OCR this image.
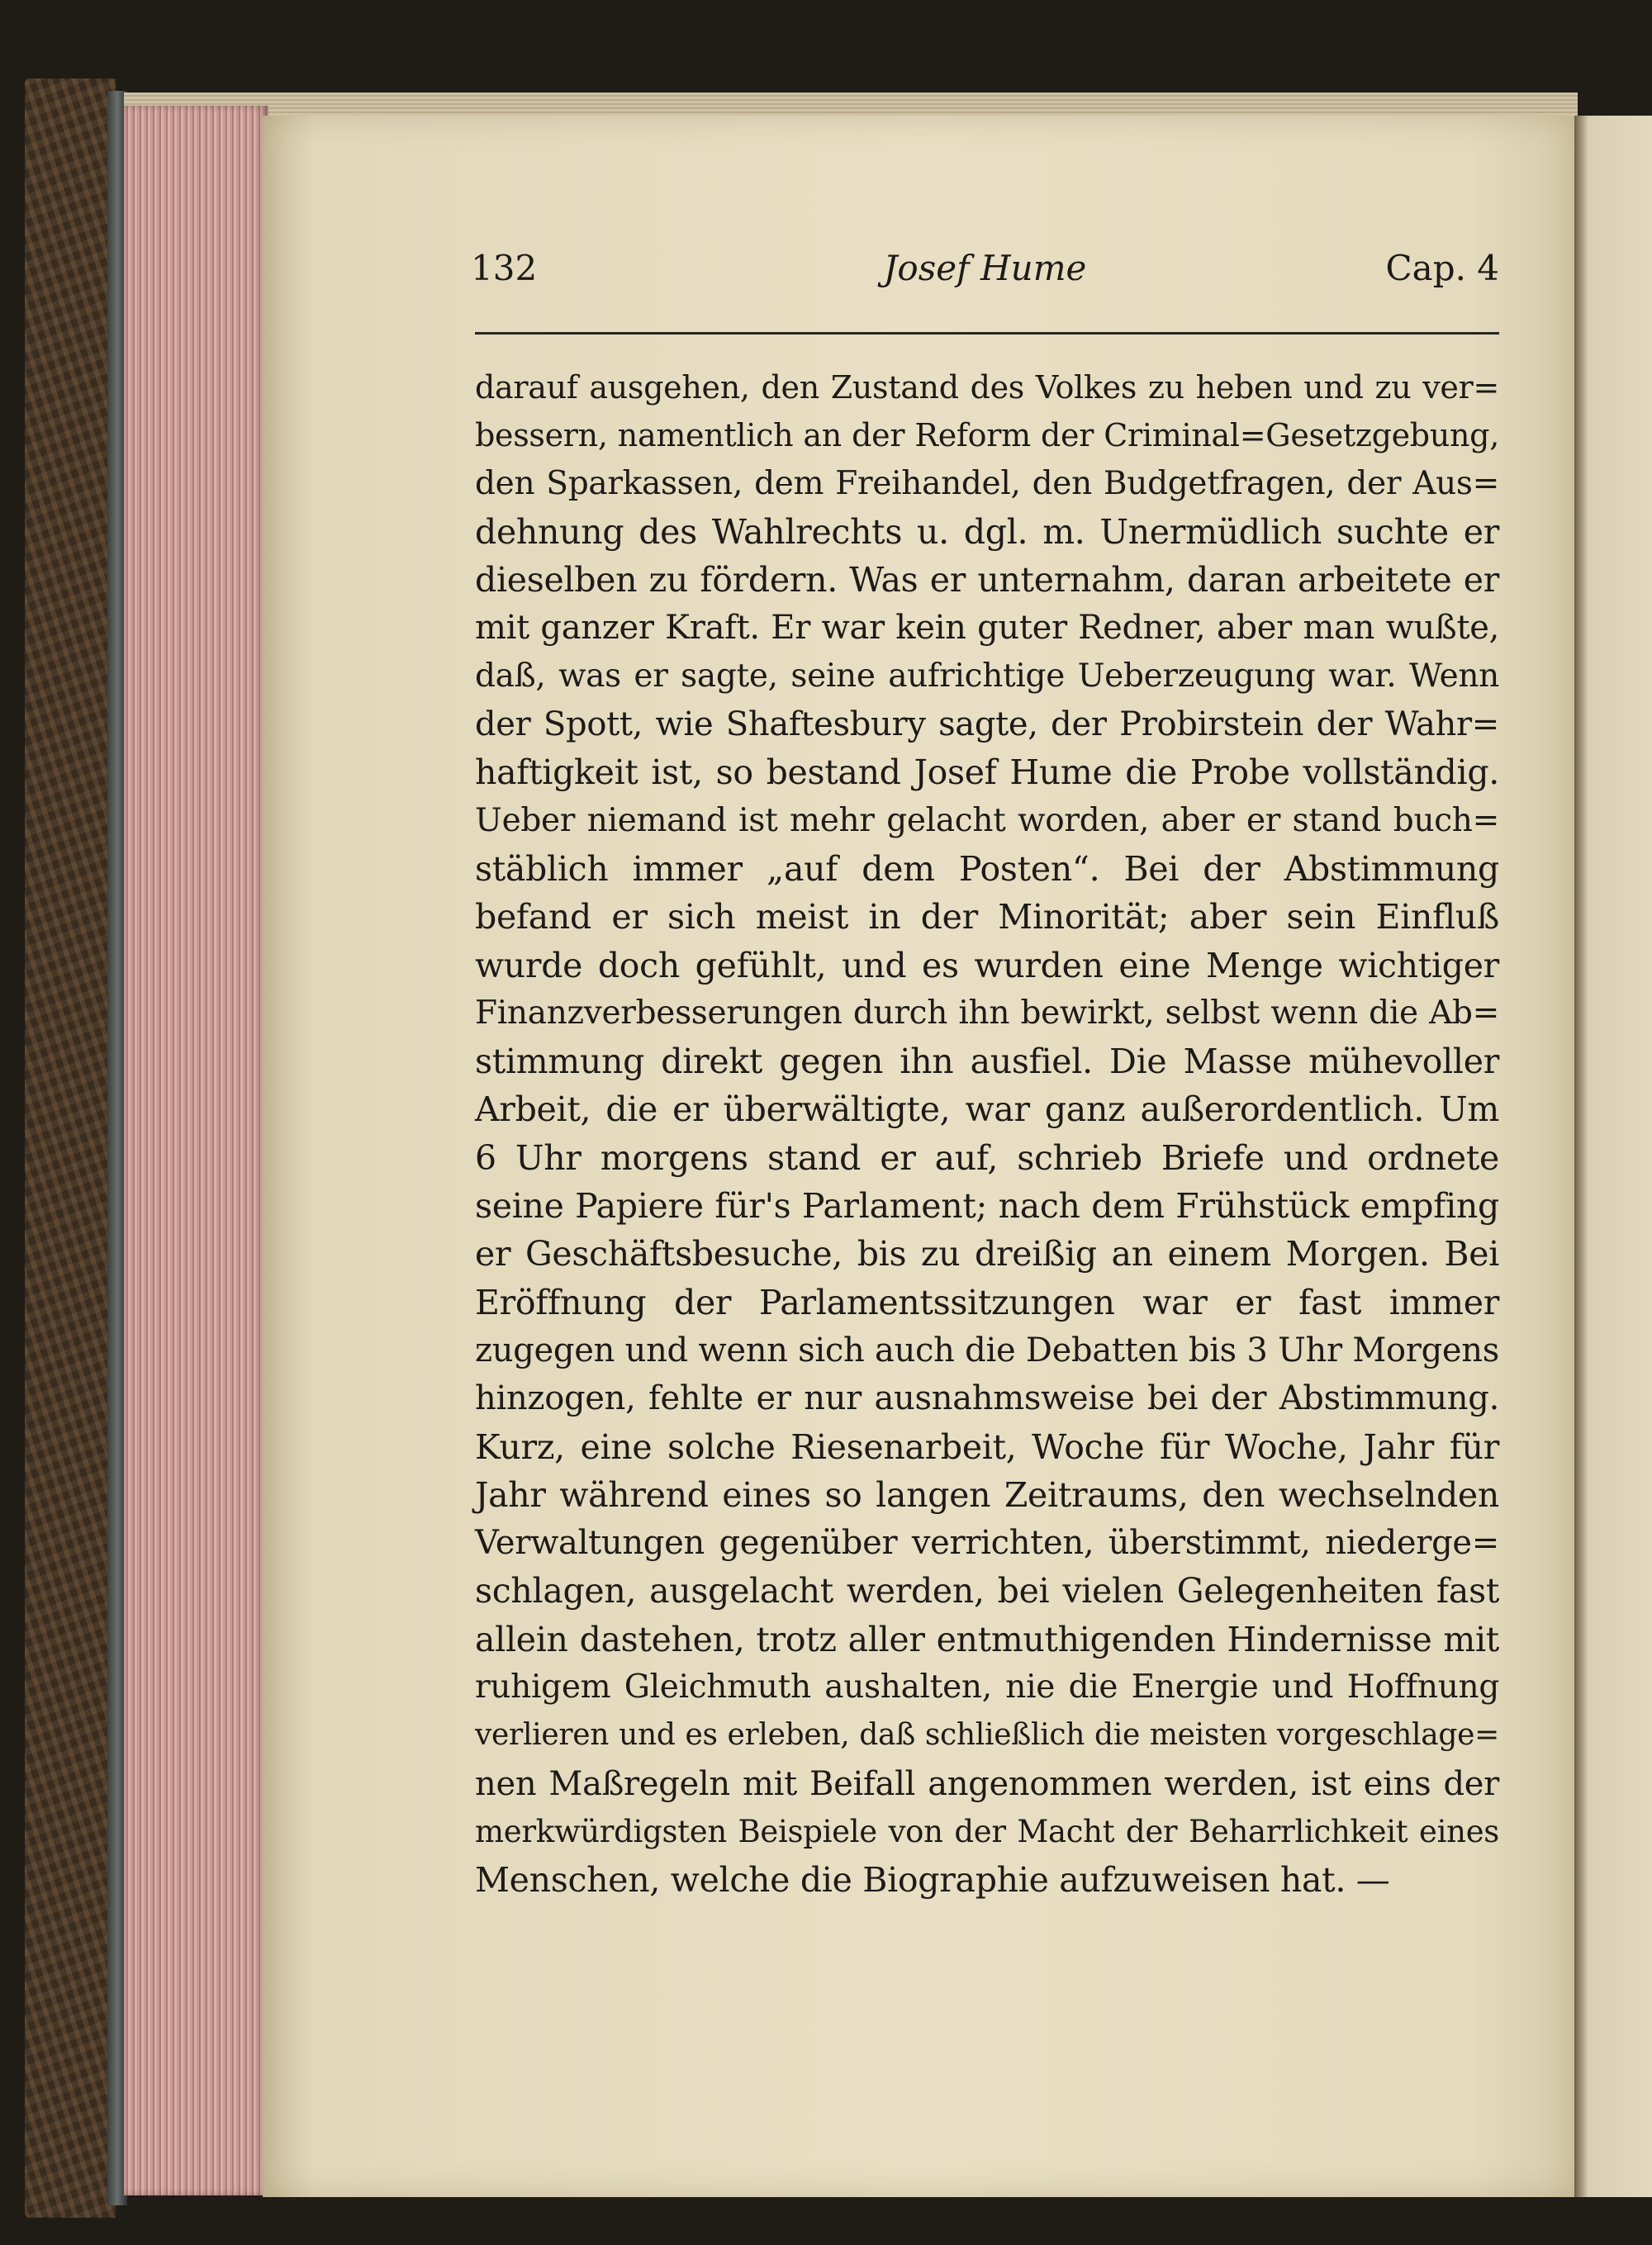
132	Josef Hume	Cap. 4
darauf ausgehen, den Zustand des Volkes zu heben und zu ver=
bessern, namentlich an der Reform der Criminal=Gesetzgebung,
den Sparkassen, dem Freihandel, den Budgetfragen, der Aus=
dehnung des Wahlrechts u. dgl. m. Unermüdlich suchte er
dieselben zu fördern. Was er unternahm, daran arbeitete er
mit ganzer Kraft. Er war kein guter Redner, aber man wußte,
daß, was er sagte, seine aufrichtige Ueberzeugung war. Wenn
der Spott, wie Shaftesbury sagte, der Probirstein der Wahr=
haftigkeit ist, so bestand Josef Hume die Probe vollständig.
Ueber niemand ist mehr gelacht worden, aber er stand buch=
stäblich immer „auf dem Posten“. Bei der Abstimmung
befand er sich meist in der Minorität; aber sein Einfluß
wurde doch gefühlt, und es wurden eine Menge wichtiger
Finanzverbesserungen durch ihn bewirkt, selbst wenn die Ab=
stimmung direkt gegen ihn ausfiel. Die Masse mühevoller
Arbeit, die er überwältigte, war ganz außerordentlich. Um
6 Uhr morgens stand er auf, schrieb Briefe und ordnete
seine Papiere für's Parlament; nach dem Frühstück empfing
er Geschäftsbesuche, bis zu dreißig an einem Morgen. Bei
Eröffnung der Parlamentssitzungen war er fast immer
zugegen und wenn sich auch die Debatten bis 3 Uhr Morgens
hinzogen, fehlte er nur ausnahmsweise bei der Abstimmung.
Kurz, eine solche Riesenarbeit, Woche für Woche, Jahr für
Jahr während eines so langen Zeitraums, den wechselnden
Verwaltungen gegenüber verrichten, überstimmt, niederge=
schlagen, ausgelacht werden, bei vielen Gelegenheiten fast
allein dastehen, trotz aller entmuthigenden Hindernisse mit
ruhigem Gleichmuth aushalten, nie die Energie und Hoffnung
verlieren und es erleben, daß schließlich die meisten vorgeschlage=
nen Maßregeln mit Beifall angenommen werden, ist eins der
merkwürdigsten Beispiele von der Macht der Beharrlichkeit eines
Menschen, welche die Biographie aufzuweisen hat. —
